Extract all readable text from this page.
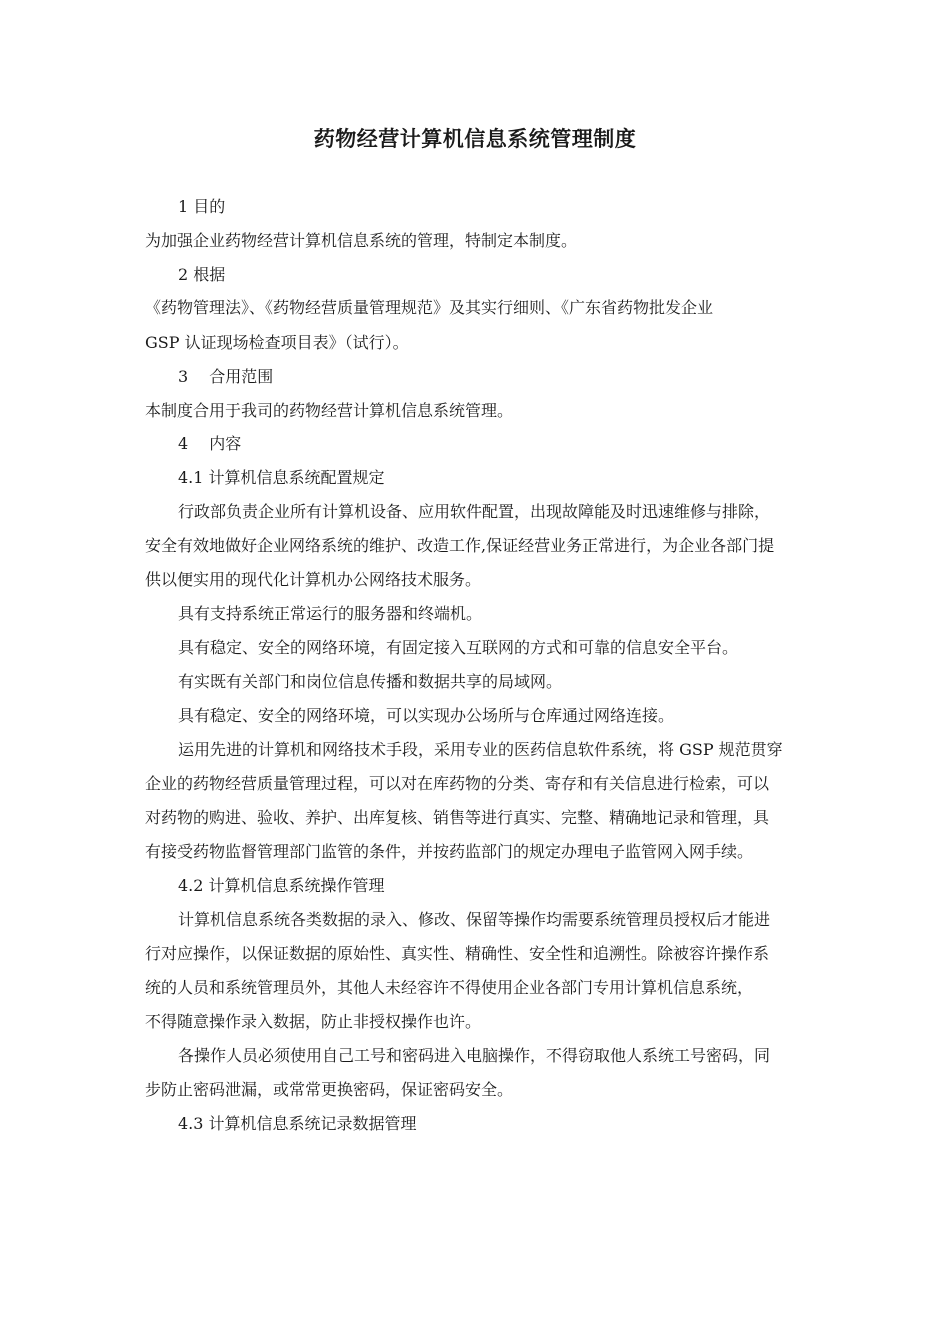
药物经营计算机信息系统管理制度
1 目的
为加强企业药物经营计算机信息系统的管理，特制定本制度。
2 根据
《药物管理法》、《药物经营质量管理规范》及其实行细则、《广东省药物批发企业
GSP 认证现场检查项目表》（试行）。
3　 合用范围
本制度合用于我司的药物经营计算机信息系统管理。
4　 内容
4.1 计算机信息系统配置规定
行政部负责企业所有计算机设备、应用软件配置，出现故障能及时迅速维修与排除，
安全有效地做好企业网络系统的维护、改造工作,保证经营业务正常进行，为企业各部门提
供以便实用的现代化计算机办公网络技术服务。
具有支持系统正常运行的服务器和终端机。
具有稳定、安全的网络环境，有固定接入互联网的方式和可靠的信息安全平台。
有实既有关部门和岗位信息传播和数据共享的局域网。
具有稳定、安全的网络环境，可以实现办公场所与仓库通过网络连接。
运用先进的计算机和网络技术手段，采用专业的医药信息软件系统，将 GSP 规范贯穿
企业的药物经营质量管理过程，可以对在库药物的分类、寄存和有关信息进行检索，可以
对药物的购进、验收、养护、出库复核、销售等进行真实、完整、精确地记录和管理，具
有接受药物监督管理部门监管的条件，并按药监部门的规定办理电子监管网入网手续。
4.2 计算机信息系统操作管理
计算机信息系统各类数据的录入、修改、保留等操作均需要系统管理员授权后才能进
行对应操作，以保证数据的原始性、真实性、精确性、安全性和追溯性。除被容许操作系
统的人员和系统管理员外，其他人未经容许不得使用企业各部门专用计算机信息系统，
不得随意操作录入数据，防止非授权操作也许。
各操作人员必须使用自己工号和密码进入电脑操作，不得窃取他人系统工号密码，同
步防止密码泄漏，或常常更换密码，保证密码安全。
4.3 计算机信息系统记录数据管理
